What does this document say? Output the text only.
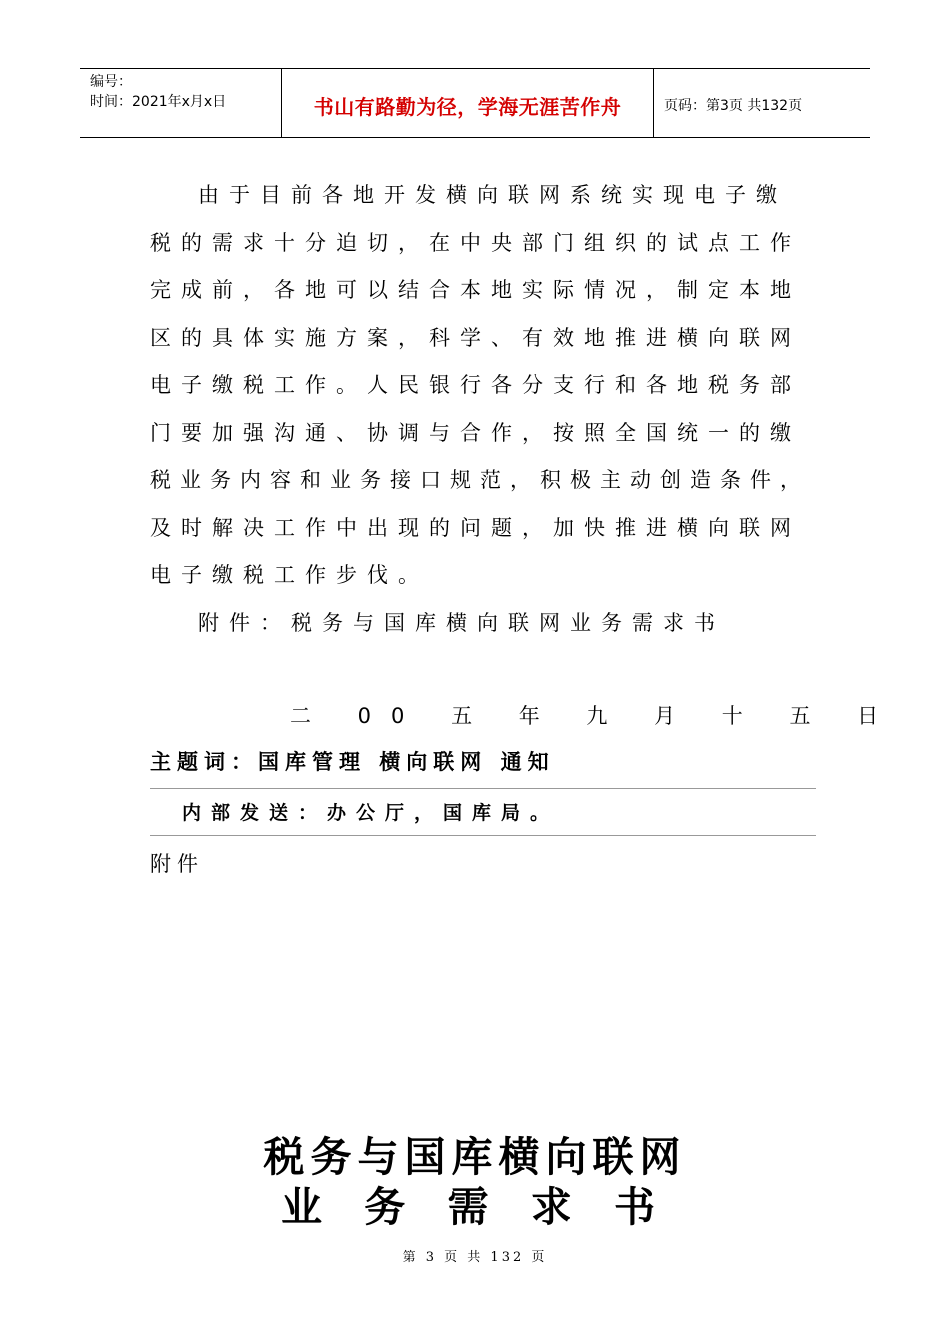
编号：
时间：2021年x月x日	书山有路勤为径，学海无涯苦作舟	页码：第3页 共132页
由于目前各地开发横向联网系统实现电子缴
税的需求十分迫切，在中央部门组织的试点工作
完成前，各地可以结合本地实际情况，制定本地
区的具体实施方案，科学、有效地推进横向联网
电子缴税工作。人民银行各分支行和各地税务部
门要加强沟通、协调与合作，按照全国统一的缴
税业务内容和业务接口规范，积极主动创造条件，
及时解决工作中出现的问题，加快推进横向联网
电子缴税工作步伐。
附件：税务与国库横向联网业务需求书
二 00 五 年 九 月 十 五 日
主题词：国库管理 横向联网 通知
内部发送：办公厅，国库局。
附件
税务与国库横向联网
业 务 需 求 书
第 3 页 共 132 页
